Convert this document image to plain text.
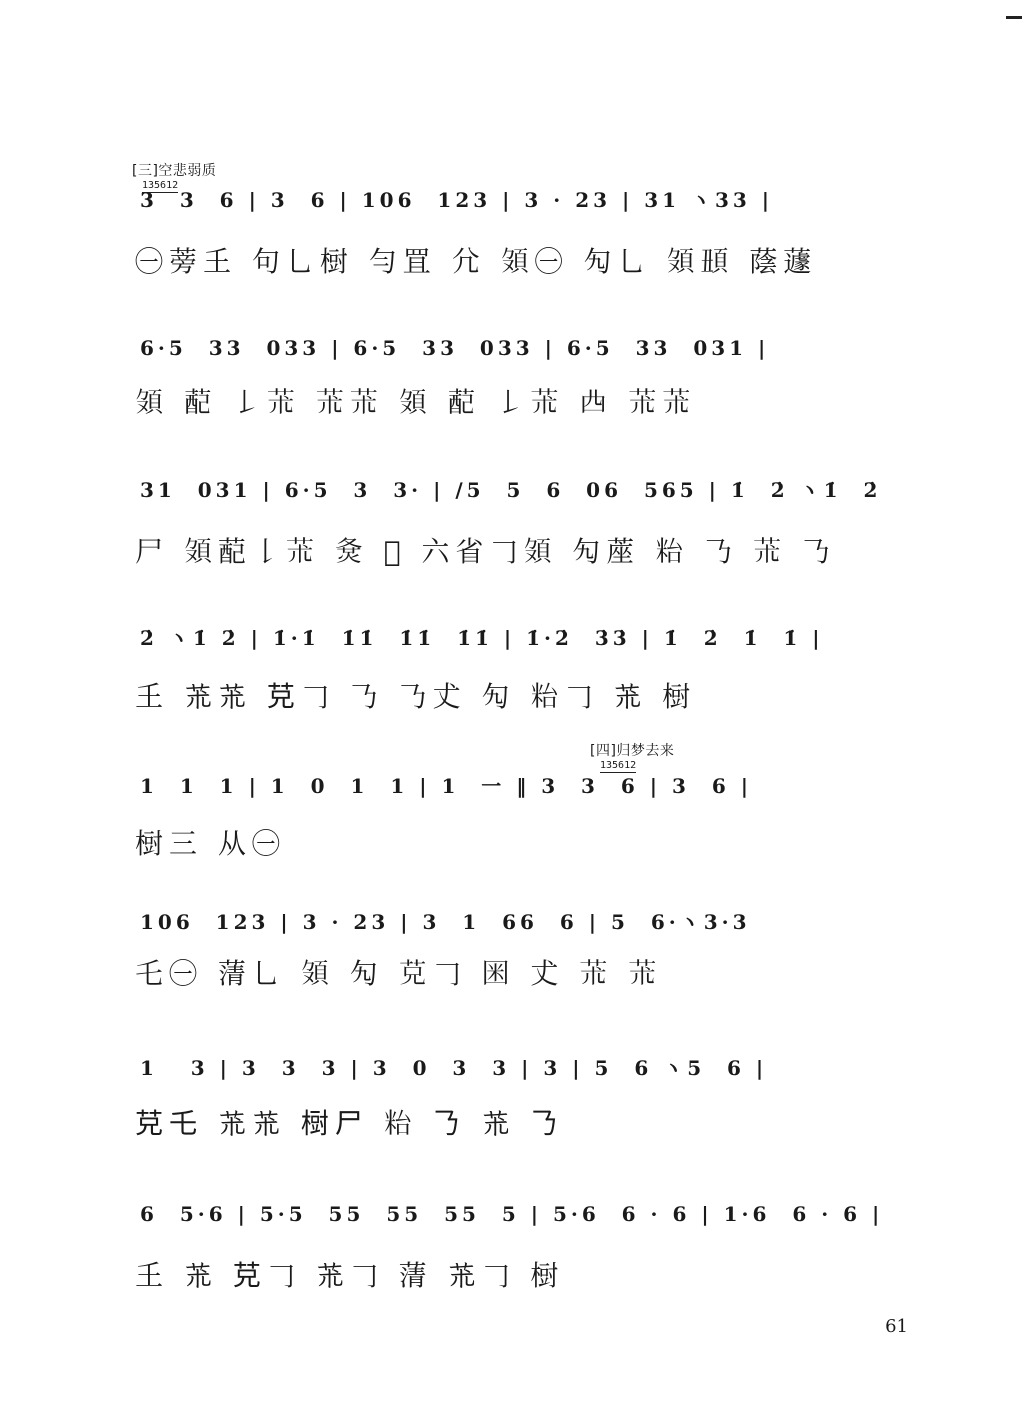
[三]空悲弱质
135612
3  3  6 | 3  6 | 106  123 | 3 · 23 | 31 ヽ33 |
㊀蒡𡈼 句乚𣗳 勻罝 𡯂 𩑦㊀ 勼乚 𩑦𩑧 蔭蘧
6·5  33  033 | 6·5  33  033 | 6·5  33  031 |
𩑦 蓜 𠄌𦬸 𦬸𦬸 𩑦 蓜 𠄌𦬸 𠁤 𦬸𦬸
31  031 | 6·5  3  3· | ∕5  5  6  06  565 | 1̇  2̇ ヽ1̇  2̇
尸 𩑦蓜𠄌𦬸 𡕛 𠀌 六省𠃌𩑦 勼蓙 𥹋 𠄎 𦬸 𠄎
2̇ ヽ1̇ 2̇ | 1̇·1̇  1̇1̇  1̇1̇  1̇1̇ | 1̇·2̇  3̇3̇ | 1̇  2̇  1̇  1̇ |
𡈼 𦬸𦬸 𦬺𠃌 𠄎 𠄎𠀋 勼 𥹋𠃌 𦬸 𣗳
[四]归梦去来
135612
1  1  1 | 1  0  1  1 | 1  一 ‖ 3  3  6 | 3  6 |
𣗳三 从㊀
106  123 | 3 · 23 | 3  1  66  6 | 5  6·ヽ3·3
乇㊀ 蔳乚 𩑦 勼 𦬺𠃌 𡇒 𠀋 𦬸 𦬸
1   3 | 3  3  3 | 3  0  3  3 | 3 | 5  6 ヽ5  6 |
𦬺乇 𦬸𦬸 𣗳尸 𥹋 𠄎 𦬸 𠄎
6  5·6 | 5·5  55  55  55  5 | 5·6  6 · 6 | 1·6  6 · 6 |
𡈼 𦬸 𦬺𠃌 𦬸𠃌 蔳 𦬸𠃌 𣗳
61
